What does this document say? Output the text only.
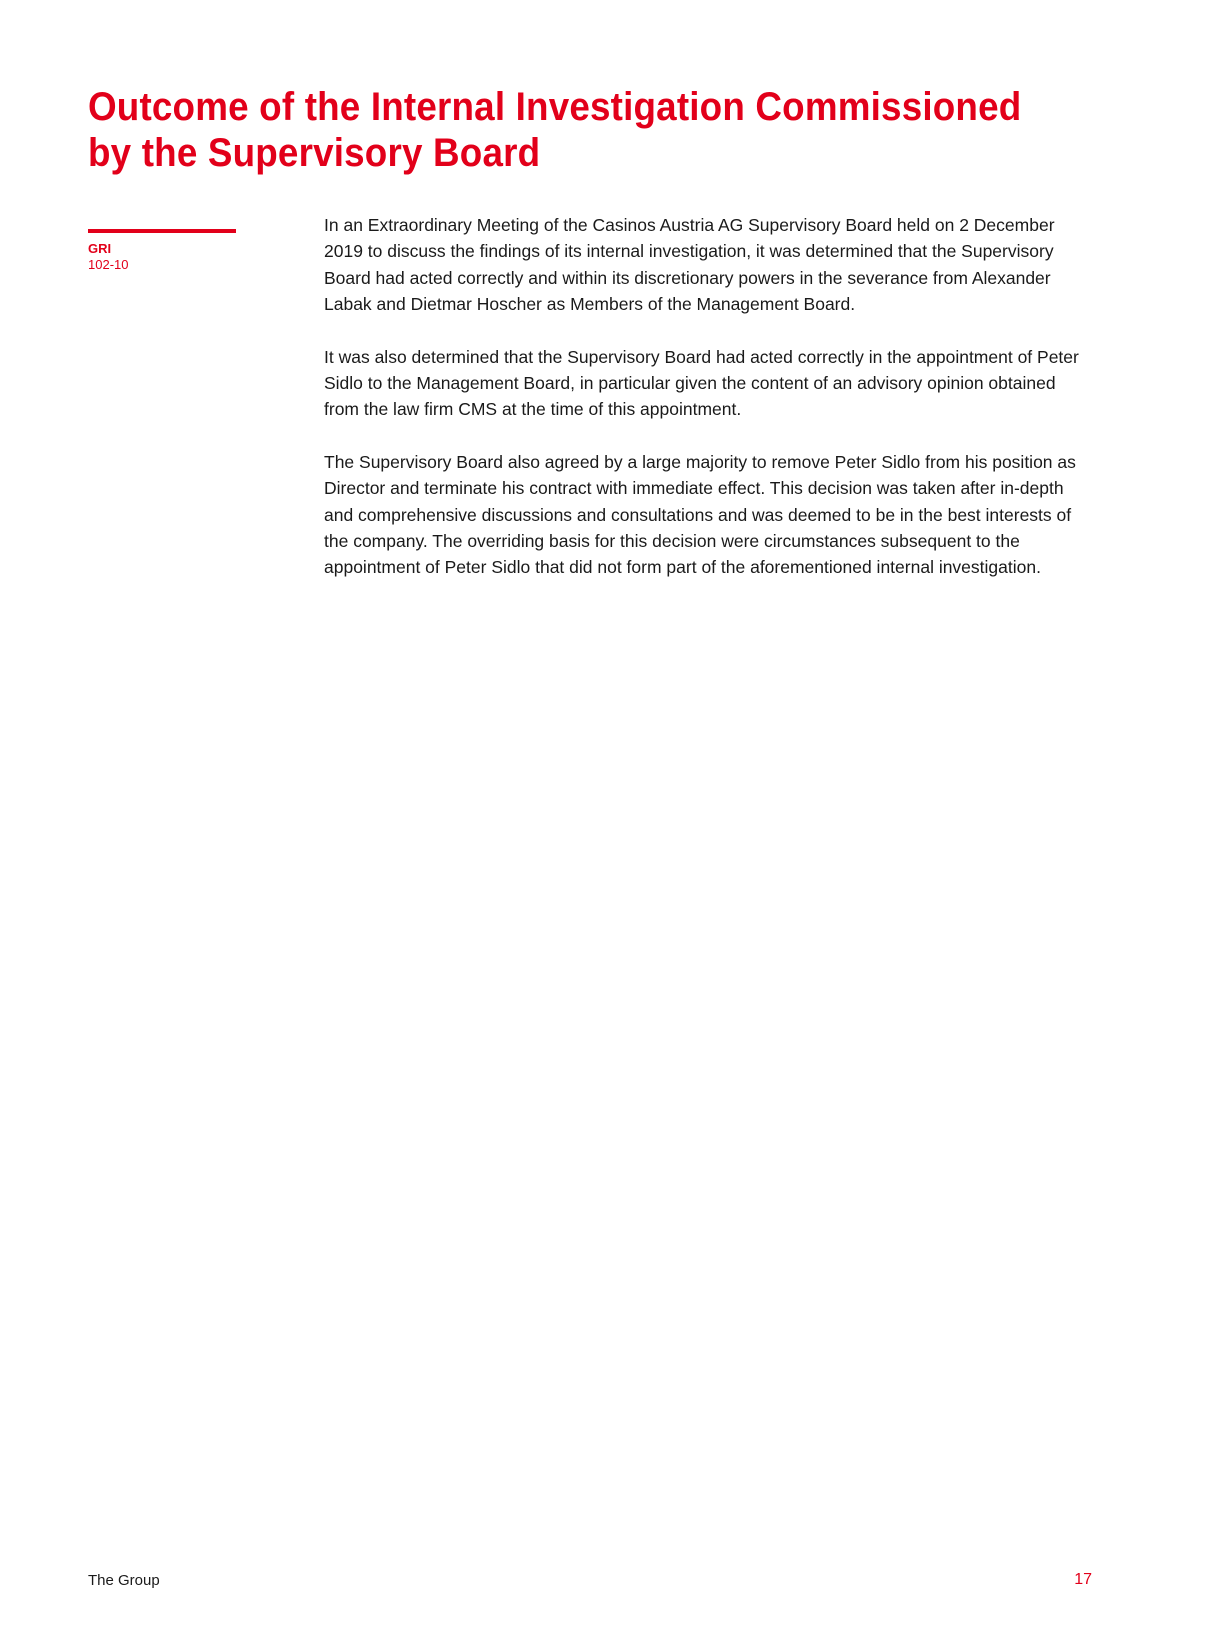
Outcome of the Internal Investigation Commissioned
by the Supervisory Board
GRI
102-10

In an Extraordinary Meeting of the Casinos Austria AG Supervisory Board held on 2 December 2019 to discuss the findings of its internal investigation, it was determined that the Supervisory Board had acted correctly and within its discretionary powers in the severance from Alexander Labak and Dietmar Hoscher as Members of the Management Board.

It was also determined that the Supervisory Board had acted correctly in the appointment of Peter Sidlo to the Management Board, in particular given the content of an advisory opinion obtained from the law firm CMS at the time of this appointment.

The Supervisory Board also agreed by a large majority to remove Peter Sidlo from his position as Director and terminate his contract with immediate effect. This decision was taken after in-depth and comprehensive discussions and consultations and was deemed to be in the best interests of the company. The overriding basis for this decision were circumstances subsequent to the appointment of Peter Sidlo that did not form part of the aforementioned internal investigation.

The Group	17
